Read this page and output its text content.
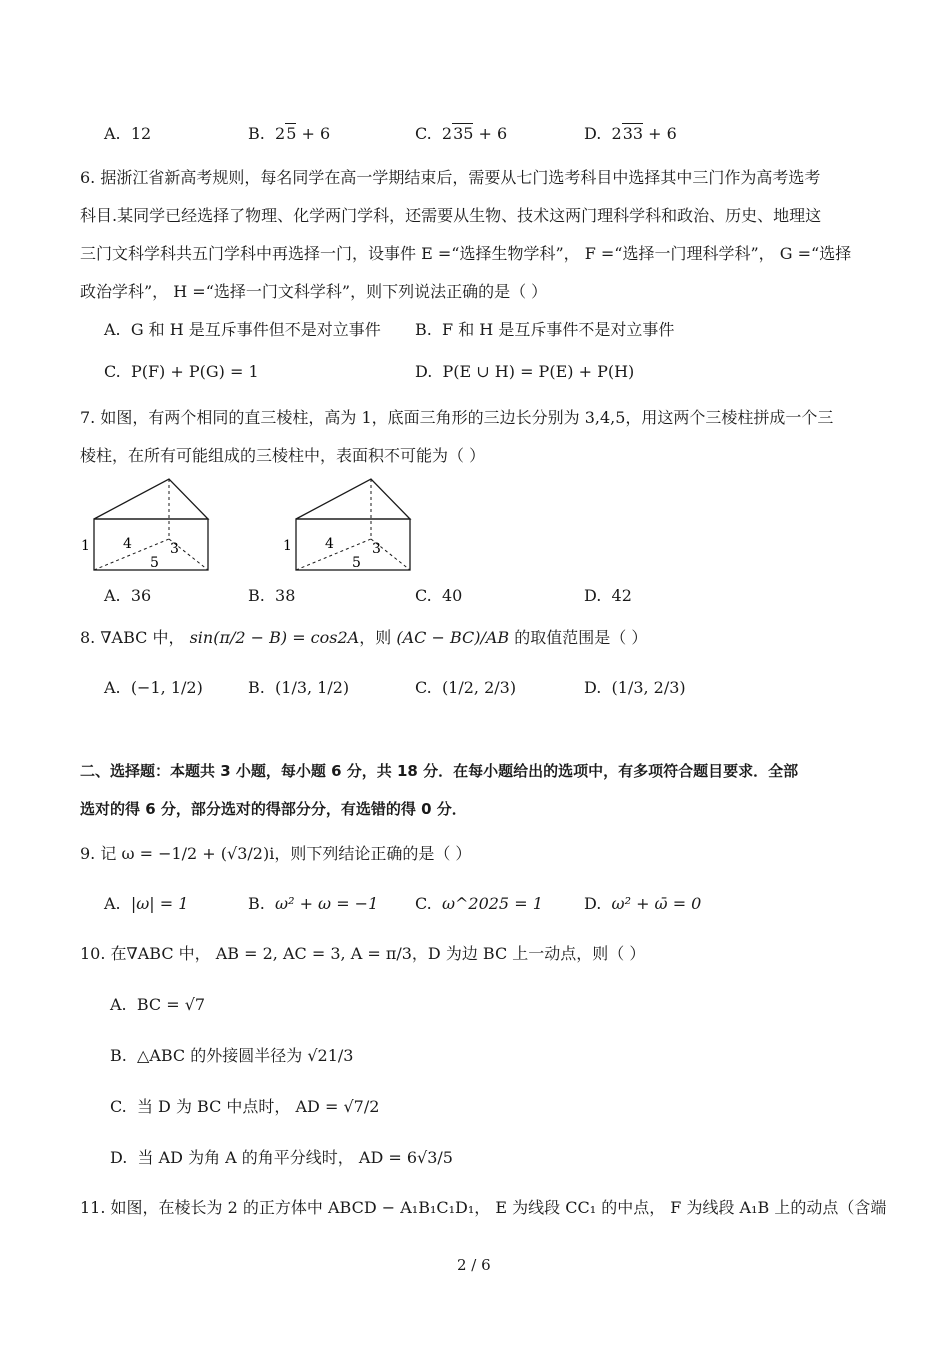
A.  12	B.  25 + 6	C.  235 + 6	D.  233 + 6
6. 据浙江省新高考规则，每名同学在高一学期结束后，需要从七门选考科目中选择其中三门作为高考选考
科目.某同学已经选择了物理、化学两门学科，还需要从生物、技术这两门理科学科和政治、历史、地理这
三门文科学科共五门学科中再选择一门，设事件 E =“选择生物学科”， F =“选择一门理科学科”， G =“选择
政治学科”， H =“选择一门文科学科”，则下列说法正确的是（ ）
A. G 和 H 是互斥事件但不是对立事件 B. F 和 H 是互斥事件不是对立事件
C. P(F) + P(G) = 1	D. P(E ∪ H) = P(E) + P(H)
7. 如图，有两个相同的直三棱柱，高为 1，底面三角形的三边长分别为 3,4,5，用这两个三棱柱拼成一个三
棱柱，在所有可能组成的三棱柱中，表面积不可能为（ ）
1 4	3
5
1 4	3
5
A. 36	B. 38	C. 40	D. 42
8. ∇ABC 中， sin(π/2 − B) = cos2A，则 (AC − BC)/AB 的取值范围是（ ）
A. (−1, 1/2)	B. (1/3, 1/2)	C. (1/2, 2/3)	D. (1/3, 2/3)
二、选择题：本题共 3 小题，每小题 6 分，共 18 分．在每小题给出的选项中，有多项符合题目要求．全部
选对的得 6 分，部分选对的得部分分，有选错的得 0 分．
9. 记 ω = −1/2 + (√3/2)i，则下列结论正确的是（ ）
A. |ω| = 1	B. ω² + ω = −1 C. ω^2025 = 1	D. ω² + ω̄ = 0
10. 在∇ABC 中， AB = 2, AC = 3, A = π/3，D 为边 BC 上一动点，则（ ）
A. BC = √7
B. △ABC 的外接圆半径为 √21/3
C. 当 D 为 BC 中点时， AD = √7/2
D. 当 AD 为角 A 的角平分线时， AD = 6√3/5
11. 如图，在棱长为 2 的正方体中 ABCD − A₁B₁C₁D₁， E 为线段 CC₁ 的中点， F 为线段 A₁B 上的动点（含端
2 / 6
